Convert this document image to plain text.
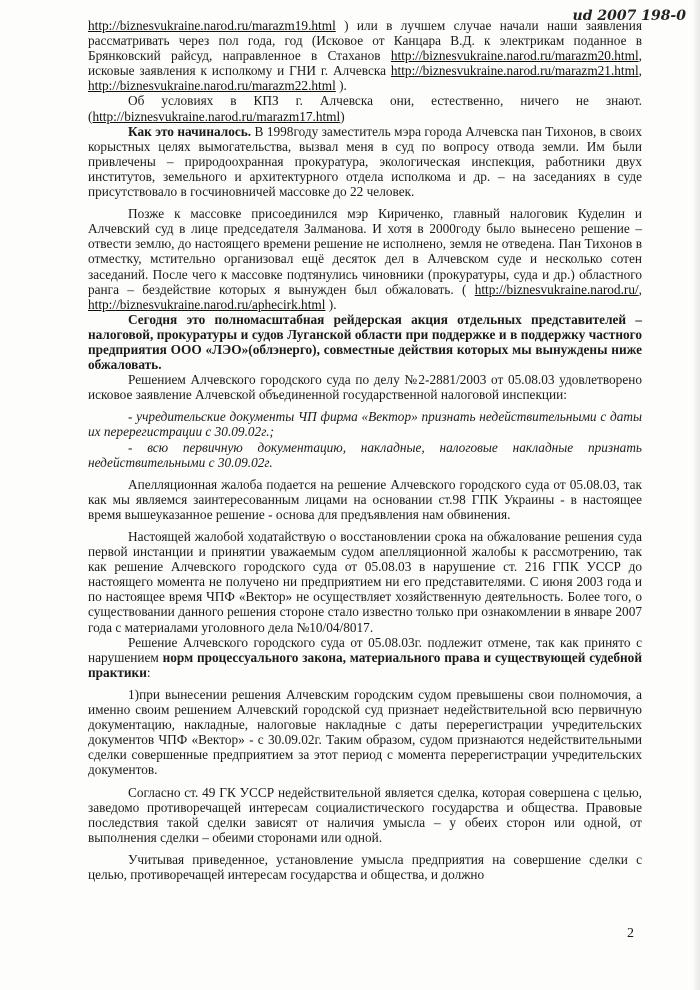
ud 2007 198-0

http://biznesvukraine.narod.ru/marazm19.html ) или в лучшем случае начали наши заявления рассматривать через пол года, год (Исковое от Канцара В.Д. к электрикам поданное в Брянковский райсуд, направленное в Стаханов http://biznesvukraine.narod.ru/marazm20.html, исковые заявления к исполкому и ГНИ г. Алчевска http://biznesvukraine.narod.ru/marazm21.html, http://biznesvukraine.narod.ru/marazm22.html ).

Об условиях в КПЗ г. Алчевска они, естественно, ничего не знают. (http://biznesvukraine.narod.ru/marazm17.html)

Как это начиналось. В 1998году заместитель мэра города Алчевска пан Тихонов, в своих корыстных целях вымогательства, вызвал меня в суд по вопросу отвода земли. Им были привлечены – природоохранная прокуратура, экологическая инспекция, работники двух институтов, земельного и архитектурного отдела исполкома и др. – на заседаниях в суде присутствовало в госчиновничей массовке до 22 человек.

Позже к массовке присоединился мэр Кириченко, главный налоговик Куделин и Алчевский суд в лице председателя Залманова. И хотя в 2000году было вынесено решение – отвести землю, до настоящего времени решение не исполнено, земля не отведена. Пан Тихонов в отместку, мстительно организовал ещё десяток дел в Алчевском суде и несколько сотен заседаний. После чего к массовке подтянулись чиновники (прокуратуры, суда и др.) областного ранга – бездействие которых я вынужден был обжаловать. ( http://biznesvukraine.narod.ru/, http://biznesvukraine.narod.ru/aphecirk.html ).

Сегодня это полномасштабная рейдерская акция отдельных представителей – налоговой, прокуратуры и судов Луганской области при поддержке и в поддержку частного предприятия ООО «ЛЭО»(облэнерго), совместные действия которых мы вынуждены ниже обжаловать.

Решением Алчевского городского суда по делу №2-2881/2003 от 05.08.03 удовлетворено исковое заявление Алчевской объединенной государственной налоговой инспекции:

- учредительские документы ЧП фирма «Вектор» признать недействительными с даты их перерегистрации с 30.09.02г.;

- всю первичную документацию, накладные, налоговые накладные признать недействительными с 30.09.02г.

Апелляционная жалоба подается на решение Алчевского городского суда от 05.08.03, так как мы являемся заинтересованным лицами на основании ст.98 ГПК Украины - в настоящее время вышеуказанное решение - основа для предъявления нам обвинения.

Настоящей жалобой ходатайствую о восстановлении срока на обжалование решения суда первой инстанции и принятии уважаемым судом апелляционной жалобы к рассмотрению, так как решение Алчевского городского суда от 05.08.03 в нарушение ст. 216 ГПК УССР до настоящего момента не получено ни предприятием ни его представителями. С июня 2003 года и по настоящее время ЧПФ «Вектор» не осуществляет хозяйственную деятельность. Более того, о существовании данного решения стороне стало известно только при ознакомлении в январе 2007 года с материалами уголовного дела №10/04/8017.

Решение Алчевского городского суда от 05.08.03г. подлежит отмене, так как принято с нарушением норм процессуального закона, материального права и существующей судебной практики:

1)при вынесении решения Алчевским городским судом превышены свои полномочия, а именно своим решением Алчевский городской суд признает недействительной всю первичную документацию, накладные, налоговые накладные с даты перерегистрации учредительских документов ЧПФ «Вектор» - с 30.09.02г. Таким образом, судом признаются недействительными сделки совершенные предприятием за этот период с момента перерегистрации учредительских документов.

Согласно ст. 49 ГК УССР недействительной является сделка, которая совершена с целью, заведомо противоречащей интересам социалистического государства и общества. Правовые последствия такой сделки зависят от наличия умысла – у обеих сторон или одной, от выполнения сделки – обеими сторонами или одной.

Учитывая приведенное, установление умысла предприятия на совершение сделки с целью, противоречащей интересам государства и общества, и должно

2
